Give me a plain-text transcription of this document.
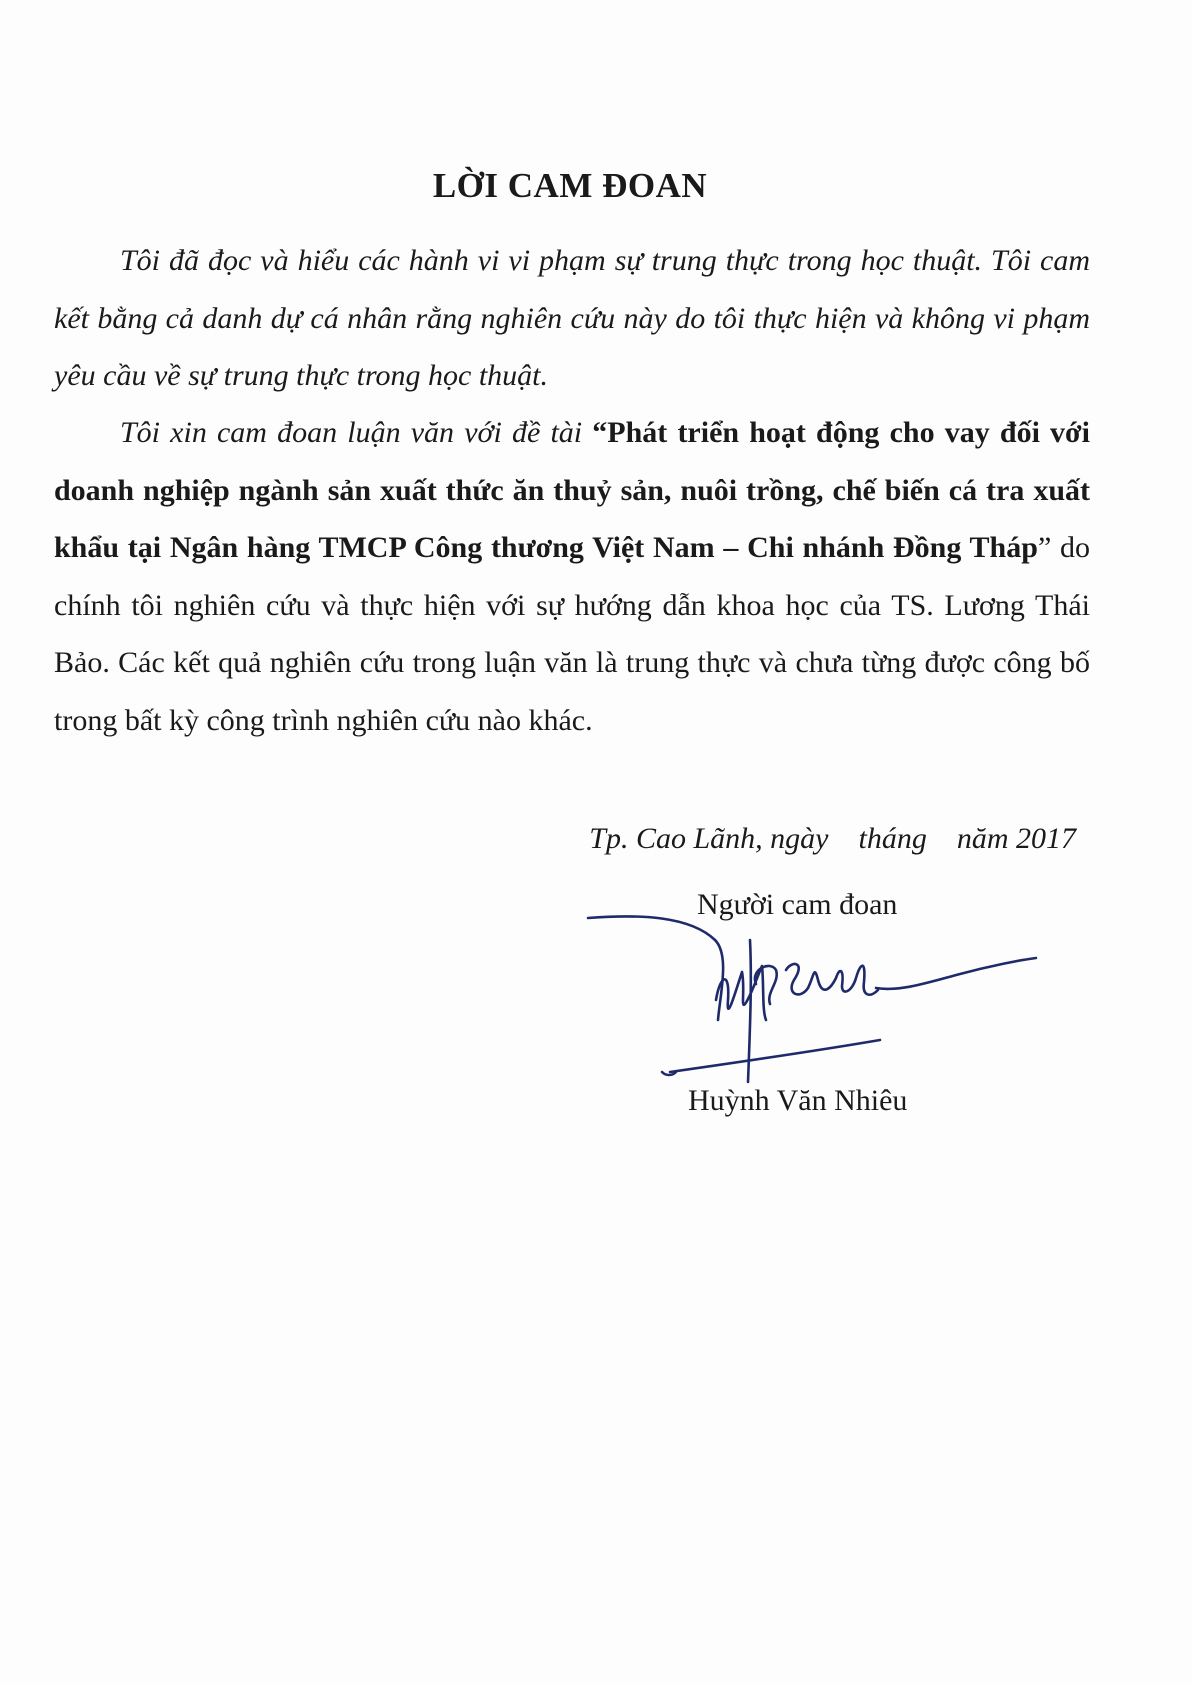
LỜI CAM ĐOAN
Tôi đã đọc và hiểu các hành vi vi phạm sự trung thực trong học thuật. Tôi cam kết bằng cả danh dự cá nhân rằng nghiên cứu này do tôi thực hiện và không vi phạm yêu cầu về sự trung thực trong học thuật.
Tôi xin cam đoan luận văn với đề tài “Phát triển hoạt động cho vay đối với doanh nghiệp ngành sản xuất thức ăn thuỷ sản, nuôi trồng, chế biến cá tra xuất khẩu tại Ngân hàng TMCP Công thương Việt Nam – Chi nhánh Đồng Tháp” do chính tôi nghiên cứu và thực hiện với sự hướng dẫn khoa học của TS. Lương Thái Bảo. Các kết quả nghiên cứu trong luận văn là trung thực và chưa từng được công bố trong bất kỳ công trình nghiên cứu nào khác.
Tp. Cao Lãnh, ngày    tháng    năm 2017
Người cam đoan
Huỳnh Văn Nhiêu
